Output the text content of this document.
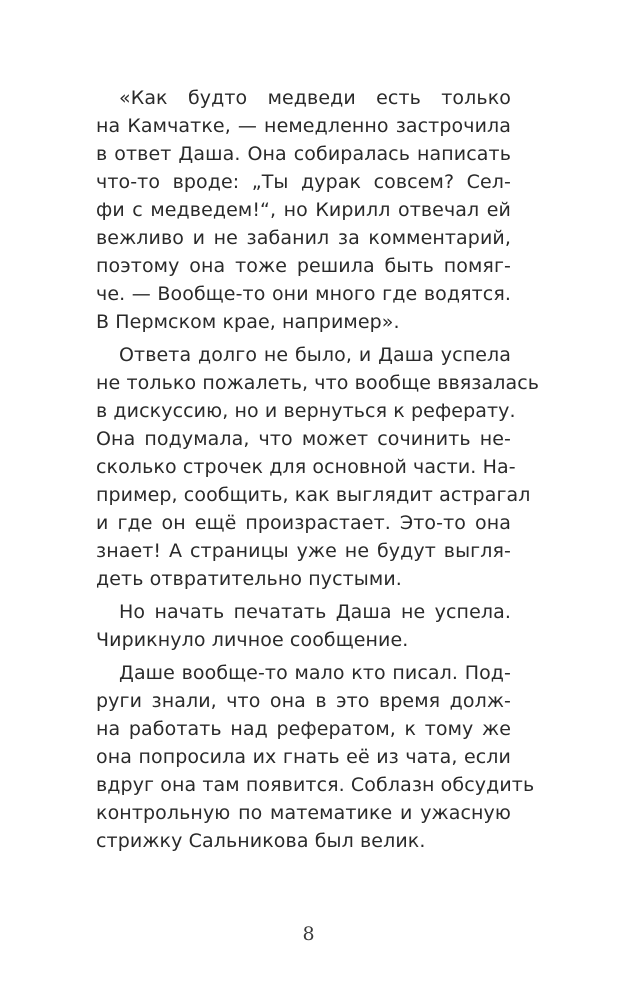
«Как будто медведи есть только
на Камчатке, — немедленно застрочила
в ответ Даша. Она собиралась написать
что-то вроде: „Ты дурак совсем? Сел-
фи с медведем!“, но Кирилл отвечал ей
вежливо и не забанил за комментарий,
поэтому она тоже решила быть помяг-
че. — Вообще-то они много где водятся.
В Пермском крае, например».
Ответа долго не было, и Даша успела
не только пожалеть, что вообще ввязалась
в дискуссию, но и вернуться к реферату.
Она подумала, что может сочинить не-
сколько строчек для основной части. На-
пример, сообщить, как выглядит астрагал
и где он ещё произрастает. Это-то она
знает! А страницы уже не будут выгля-
деть отвратительно пустыми.
Но начать печатать Даша не успела.
Чирикнуло личное сообщение.
Даше вообще-то мало кто писал. Под-
руги знали, что она в это время долж-
на работать над рефератом, к тому же
она попросила их гнать её из чата, если
вдруг она там появится. Соблазн обсудить
контрольную по математике и ужасную
стрижку Сальникова был велик.
8
